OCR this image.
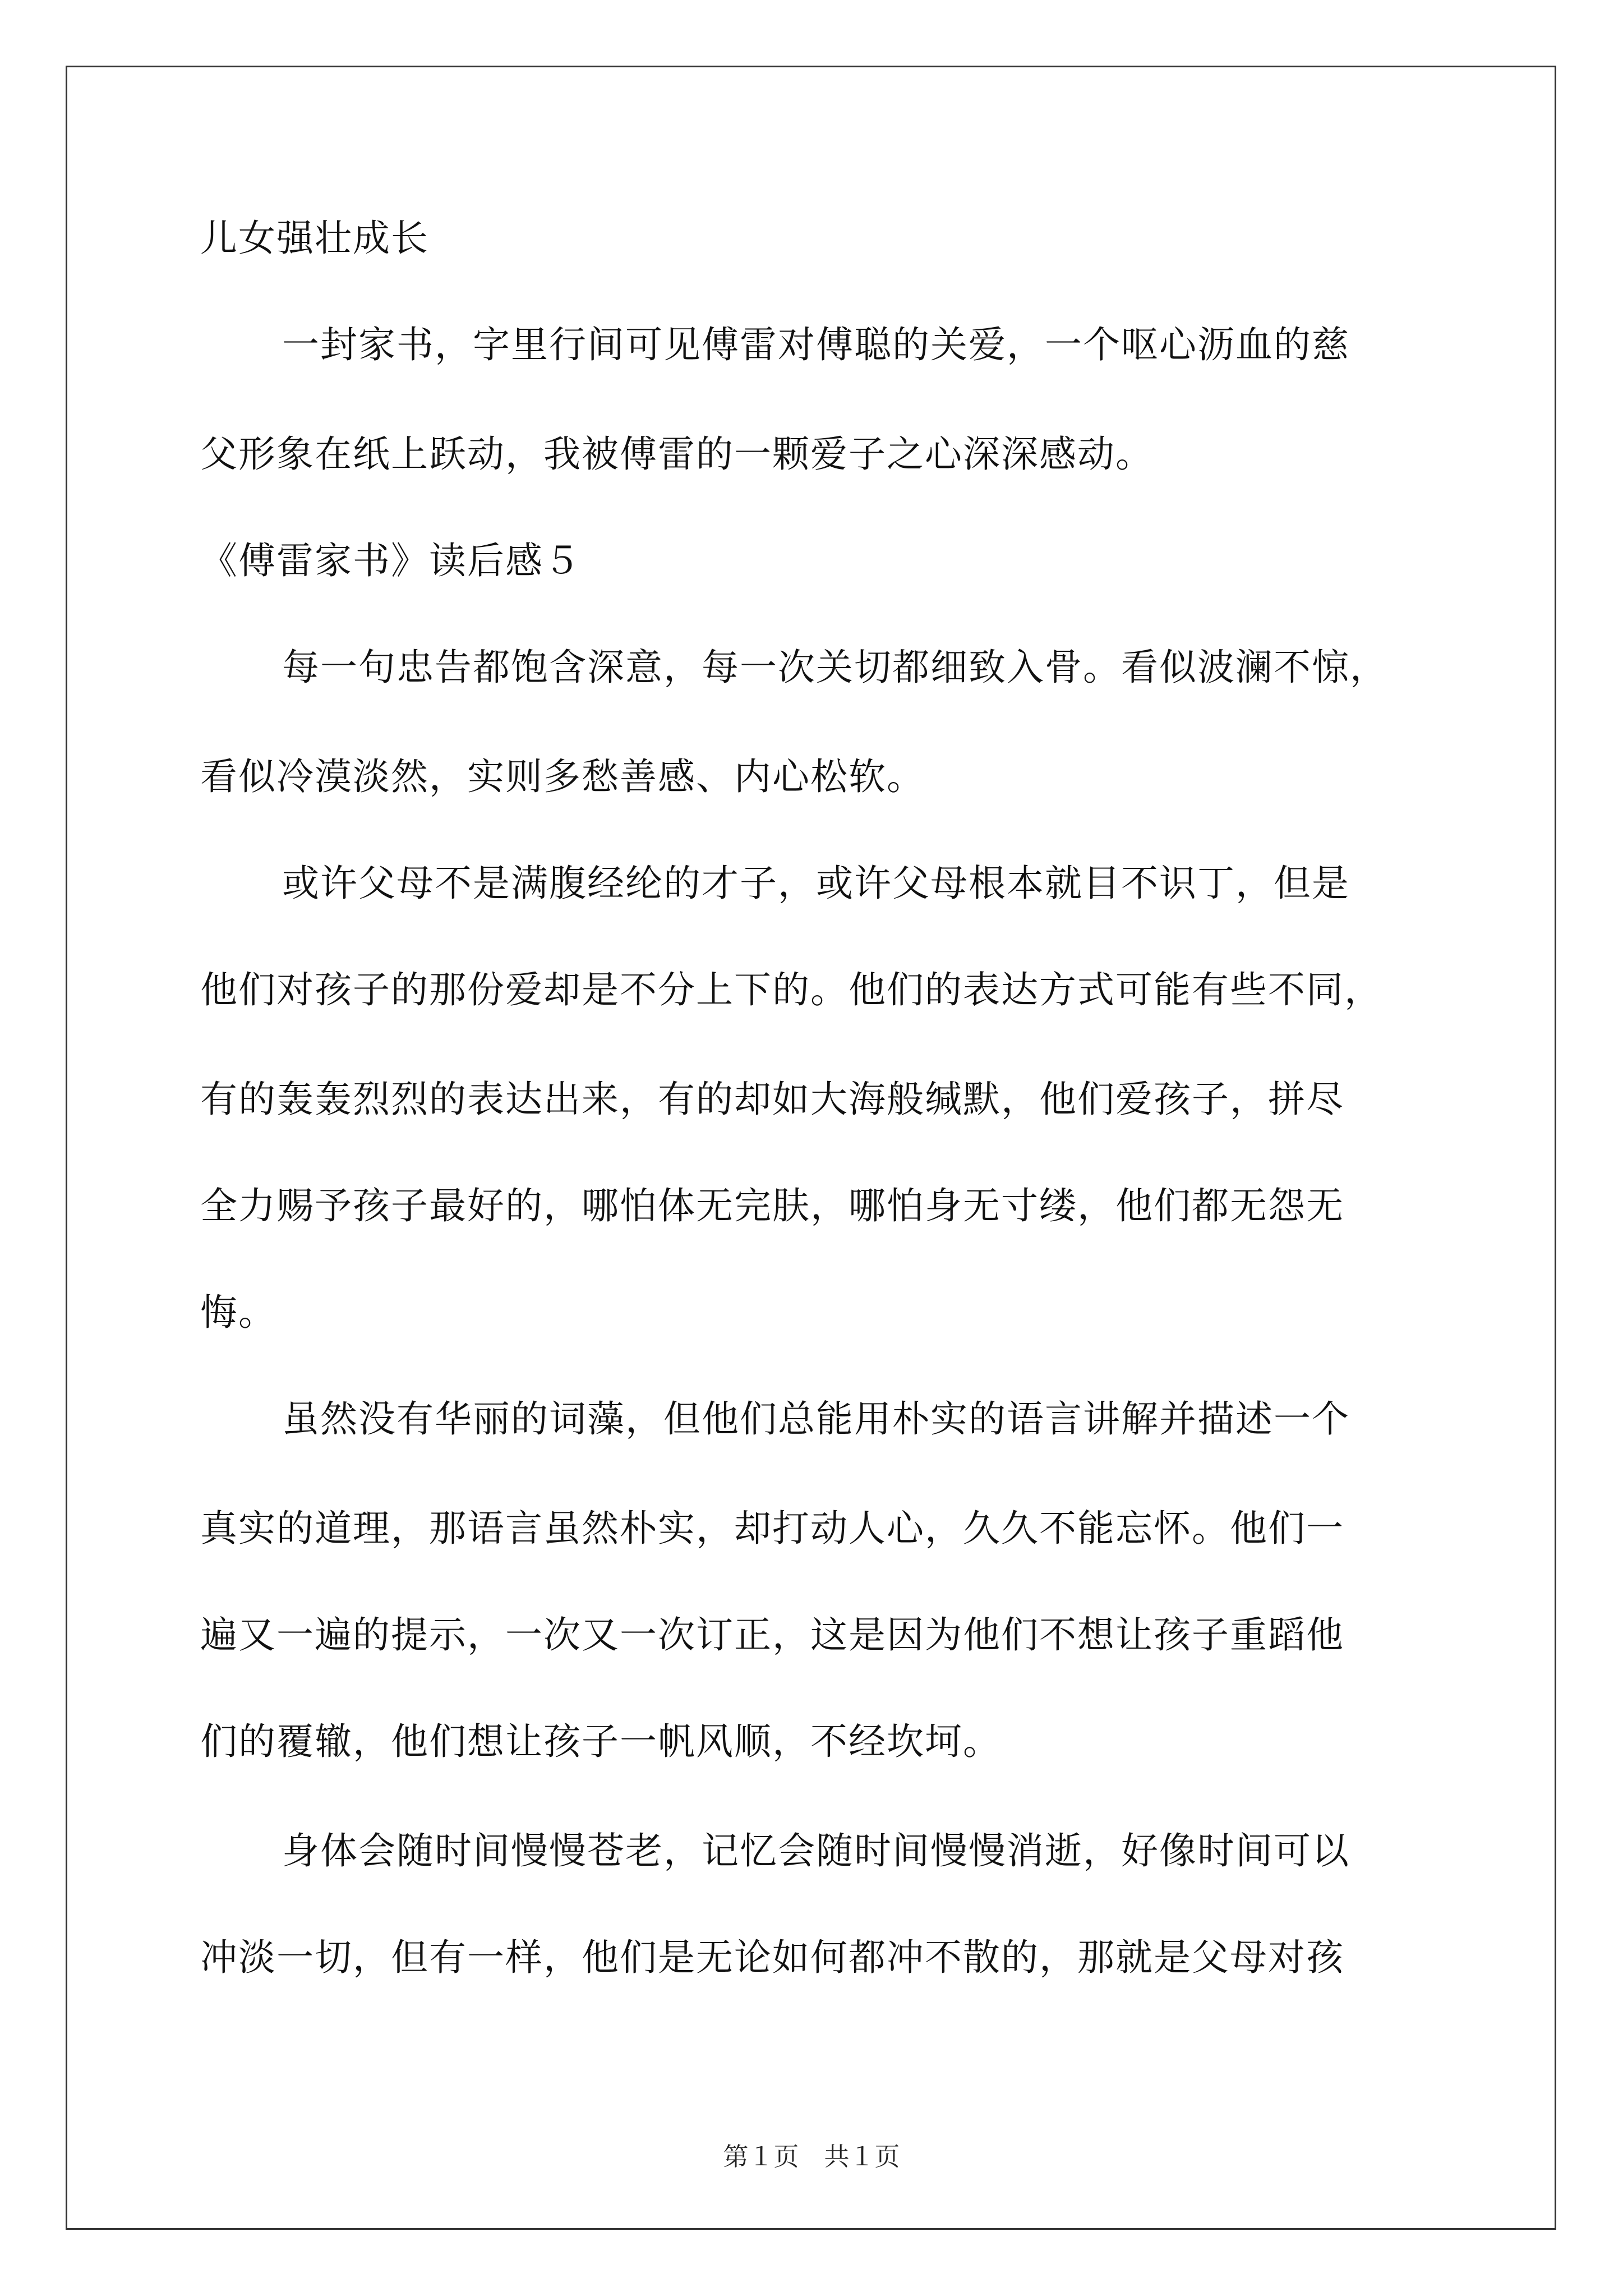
儿女强壮成长
一封家书，字里行间可见傅雷对傅聪的关爱，一个呕心沥血的慈
父形象在纸上跃动，我被傅雷的一颗爱子之心深深感动。
《傅雷家书》读后感５
每一句忠告都饱含深意，每一次关切都细致入骨。看似波澜不惊，
看似冷漠淡然，实则多愁善感、内心松软。
或许父母不是满腹经纶的才子，或许父母根本就目不识丁，但是
他们对孩子的那份爱却是不分上下的。他们的表达方式可能有些不同，
有的轰轰烈烈的表达出来，有的却如大海般缄默，他们爱孩子，拼尽
全力赐予孩子最好的，哪怕体无完肤，哪怕身无寸缕，他们都无怨无
悔。
虽然没有华丽的词藻，但他们总能用朴实的语言讲解并描述一个
真实的道理，那语言虽然朴实，却打动人心，久久不能忘怀。他们一
遍又一遍的提示，一次又一次订正，这是因为他们不想让孩子重蹈他
们的覆辙，他们想让孩子一帆风顺，不经坎坷。
身体会随时间慢慢苍老，记忆会随时间慢慢消逝，好像时间可以
冲淡一切，但有一样，他们是无论如何都冲不散的，那就是父母对孩
第１页　共１页
